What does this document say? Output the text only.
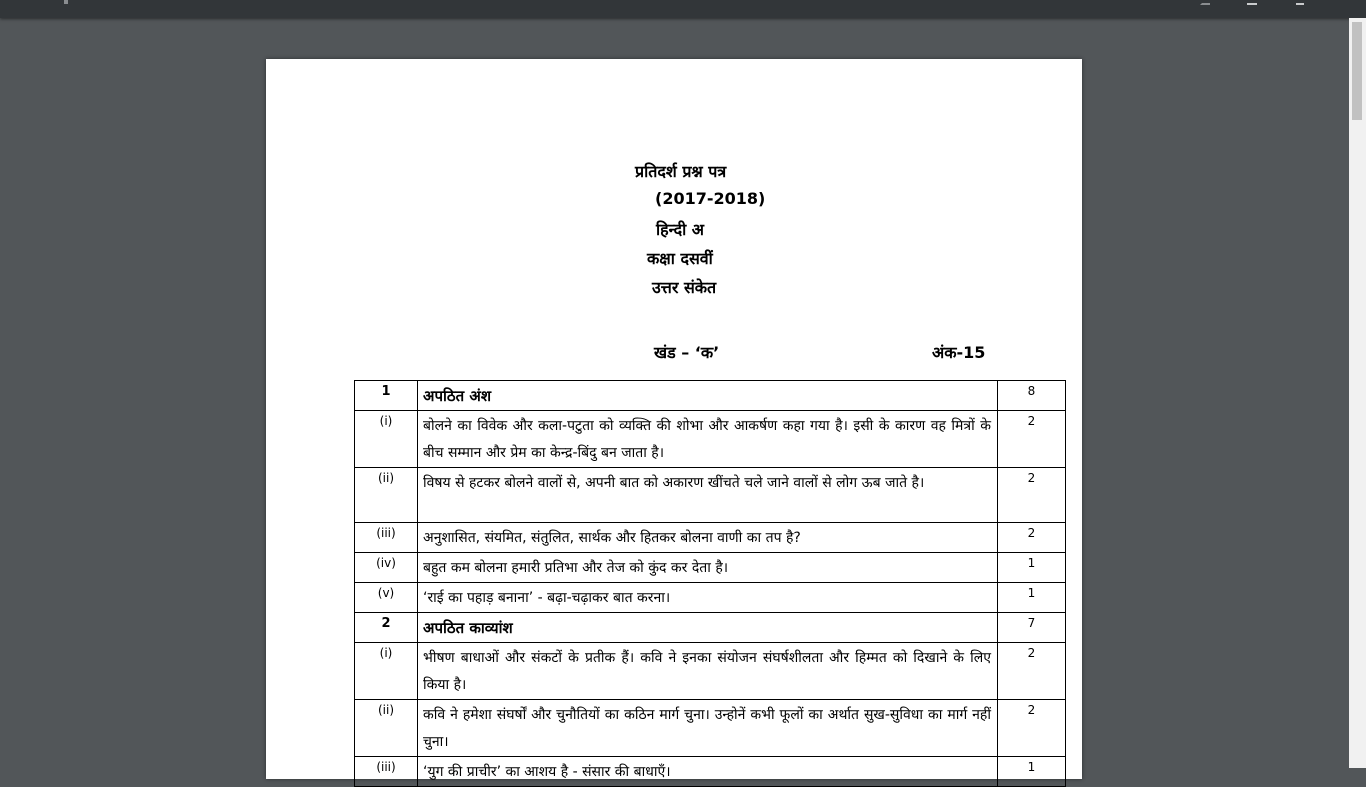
प्रतिदर्श प्रश्न पत्र
(2017-2018)
हिन्दी अ
कक्षा दसवीं
उत्तर संकेत
खंड – ‘क’	अंक-15
1	अपठित अंश	8
(i)	बोलने का विवेक और कला-पटुता को व्यक्ति की शोभा और आकर्षण कहा गया है। इसी के कारण वह मित्रों के बीच सम्मान और प्रेम का केन्द्र-बिंदु बन जाता है।	2
(ii)	विषय से हटकर बोलने वालों से, अपनी बात को अकारण खींचते चले जाने वालों से लोग ऊब जाते है।	2
(iii)	अनुशासित, संयमित, संतुलित, सार्थक और हितकर बोलना वाणी का तप है?	2
(iv)	बहुत कम बोलना हमारी प्रतिभा और तेज को कुंद कर देता है।	1
(v)	‘राई का पहाड़ बनाना’ - बढ़ा-चढ़ाकर बात करना।	1
2	अपठित काव्यांश	7
(i)	भीषण बाधाओं और संकटों के प्रतीक हैं। कवि ने इनका संयोजन संघर्षशीलता और हिम्मत को दिखाने के लिए किया है।	2
(ii)	कवि ने हमेशा संघर्षों और चुनौतियों का कठिन मार्ग चुना। उन्होनें कभी फूलों का अर्थात सुख-सुविधा का मार्ग नहीं चुना।	2
(iii)	‘युग की प्राचीर’ का आशय है - संसार की बाधाएँ।	1
